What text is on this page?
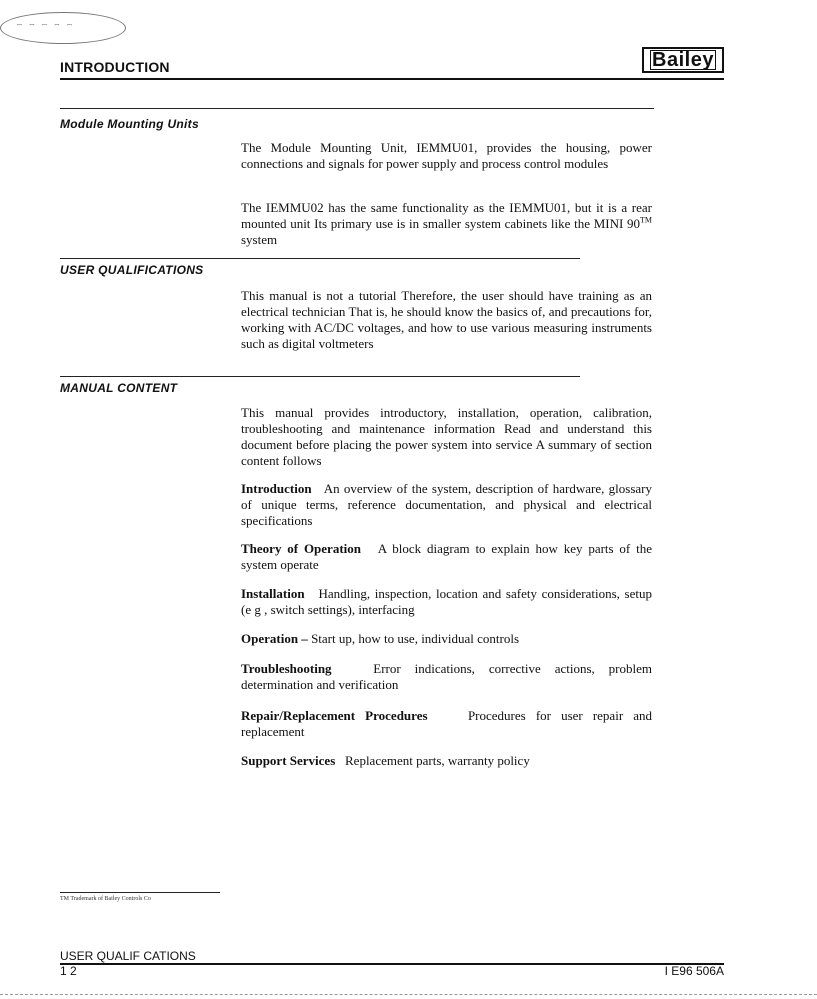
ꟷ ꟷ ꟷ ꟷ ꟷ
INTRODUCTION	Bailey
Module Mounting Units

The Module Mounting Unit, IEMMU01, provides the housing, power connections and signals for power supply and process control modules

The IEMMU02 has the same functionality as the IEMMU01, but it is a rear mounted unit Its primary use is in smaller system cabinets like the MINI 90™ system

USER QUALIFICATIONS

This manual is not a tutorial Therefore, the user should have training as an electrical technician That is, he should know the basics of, and precautions for, working with AC/DC voltages, and how to use various measuring instruments such as digital voltmeters

MANUAL CONTENT

This manual provides introductory, installation, operation, calibration, troubleshooting and maintenance information Read and understand this document before placing the power system into service A summary of section content follows

Introduction An overview of the system, description of hardware, glossary of unique terms, reference documentation, and physical and electrical specifications

Theory of Operation A block diagram to explain how key parts of the system operate

Installation Handling, inspection, location and safety considerations, setup (e g , switch settings), interfacing

Operation – Start up, how to use, individual controls

Troubleshooting	Error indications, corrective actions, problem determination and verification

Repair/Replacement Procedures	Procedures for user repair and replacement

Support Services Replacement parts, warranty policy

TM Trademark of Bailey Controls Co
USER QUALIF CATIONS
1 2	I E96 506A
